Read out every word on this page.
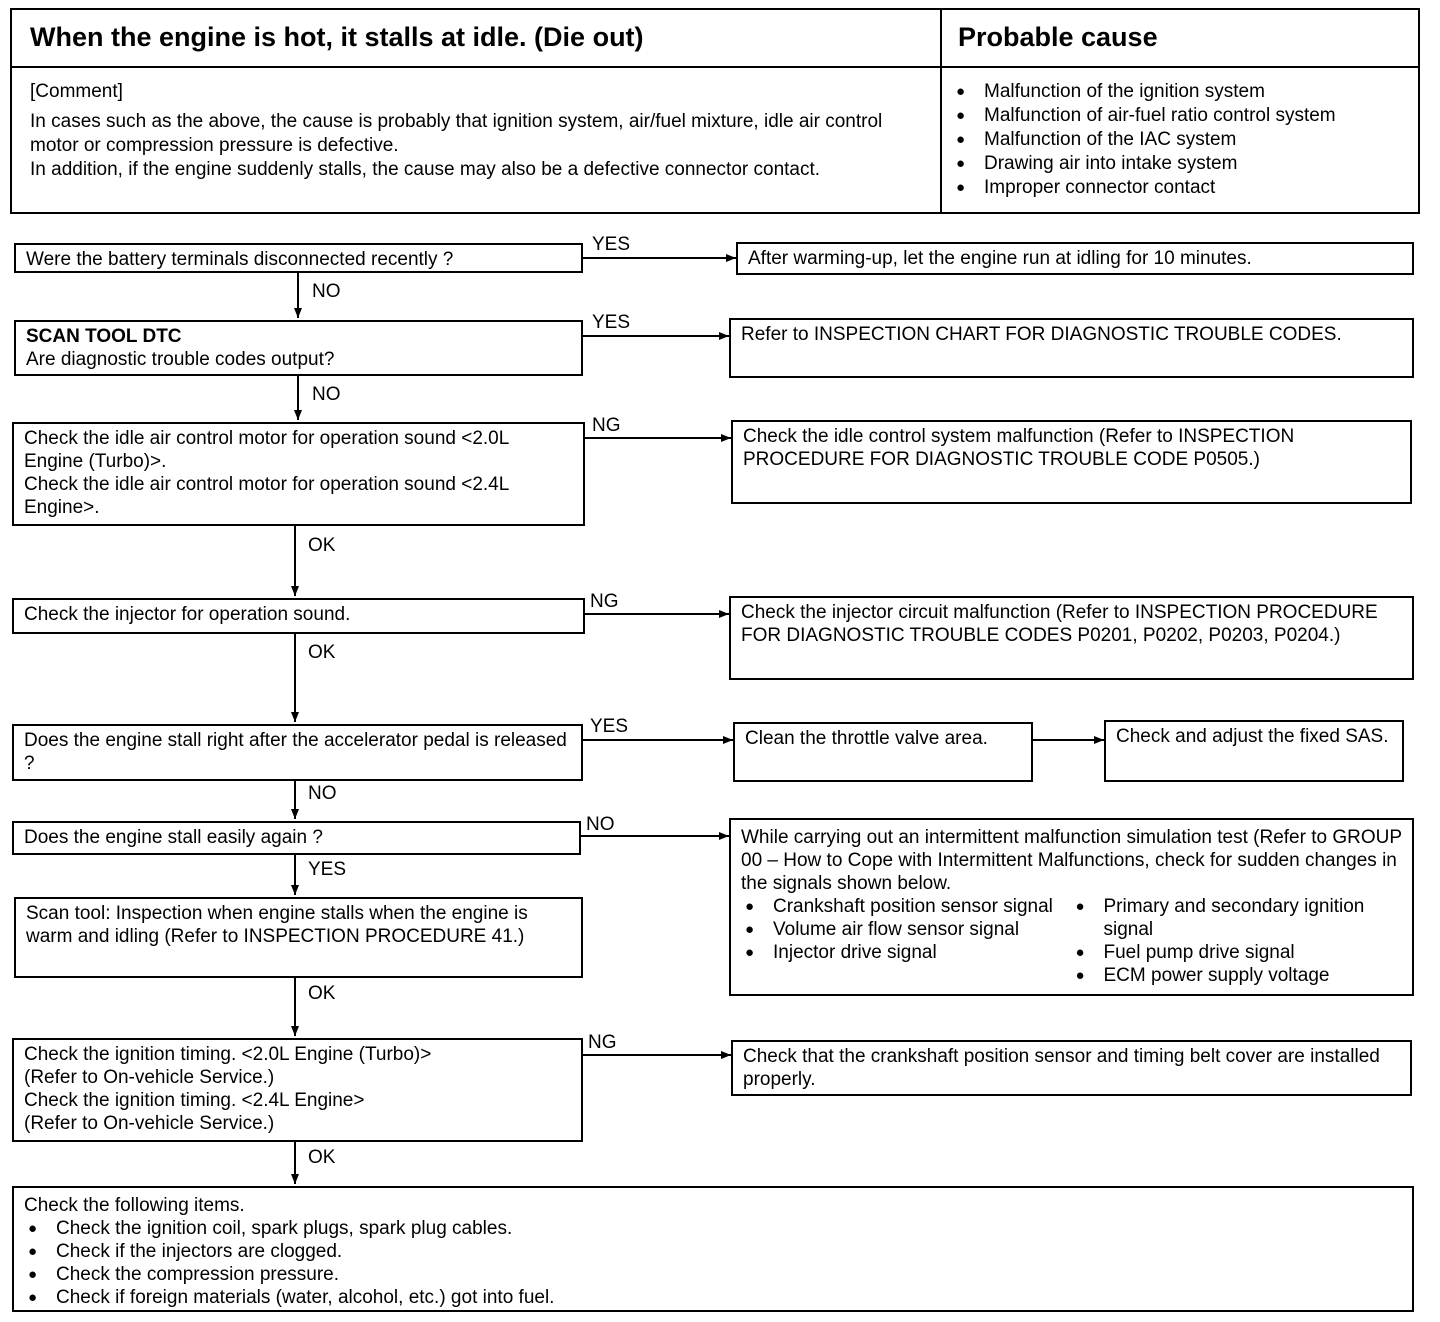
When the engine is hot, it stalls at idle. (Die out)	Probable cause

[Comment]

In cases such as the above, the cause is probably that ignition system, air/fuel mixture, idle air control motor or compression pressure is defective.

In addition, if the engine suddenly stalls, the cause may also be a defective connector contact.

● Malfunction of the ignition system
● Malfunction of air-fuel ratio control system
● Malfunction of the IAC system
● Drawing air into intake system
● Improper connector contact
Were the battery terminals disconnected recently ?
SCAN TOOL DTC
Are diagnostic trouble codes output?
Check the idle air control motor for operation sound <2.0L Engine (Turbo)>.
Check the idle air control motor for operation sound <2.4L Engine>.
Check the injector for operation sound.
Does the engine stall right after the accelerator pedal is released ?
Does the engine stall easily again ?
Scan tool: Inspection when engine stalls when the engine is warm and idling (Refer to INSPECTION PROCEDURE 41.)
Check the ignition timing. <2.0L Engine (Turbo)>
(Refer to On-vehicle Service.)
Check the ignition timing. <2.4L Engine>
(Refer to On-vehicle Service.)
After warming-up, let the engine run at idling for 10 minutes.
Refer to INSPECTION CHART FOR DIAGNOSTIC TROUBLE CODES.
Check the idle control system malfunction (Refer to INSPECTION PROCEDURE FOR DIAGNOSTIC TROUBLE CODE P0505.)
Check the injector circuit malfunction (Refer to INSPECTION PROCEDURE FOR DIAGNOSTIC TROUBLE CODES P0201, P0202, P0203, P0204.)
Clean the throttle valve area.	Check and adjust the fixed SAS.
While carrying out an intermittent malfunction simulation test (Refer to GROUP 00 – How to Cope with Intermittent Malfunctions, check for sudden changes in the signals shown below.
● Crankshaft position sensor signal
● Volume air flow sensor signal
● Injector drive signal
● Primary and secondary ignition signal
● Fuel pump drive signal
● ECM power supply voltage
Check that the crankshaft position sensor and timing belt cover are installed properly.
Check the following items.
● Check the ignition coil, spark plugs, spark plug cables.
● Check if the injectors are clogged.
● Check the compression pressure.
● Check if foreign materials (water, alcohol, etc.) got into fuel.
YES
NO
YES
NO
NG
OK
NG
OK
YES
NO
NO
YES
OK
NG
OK
